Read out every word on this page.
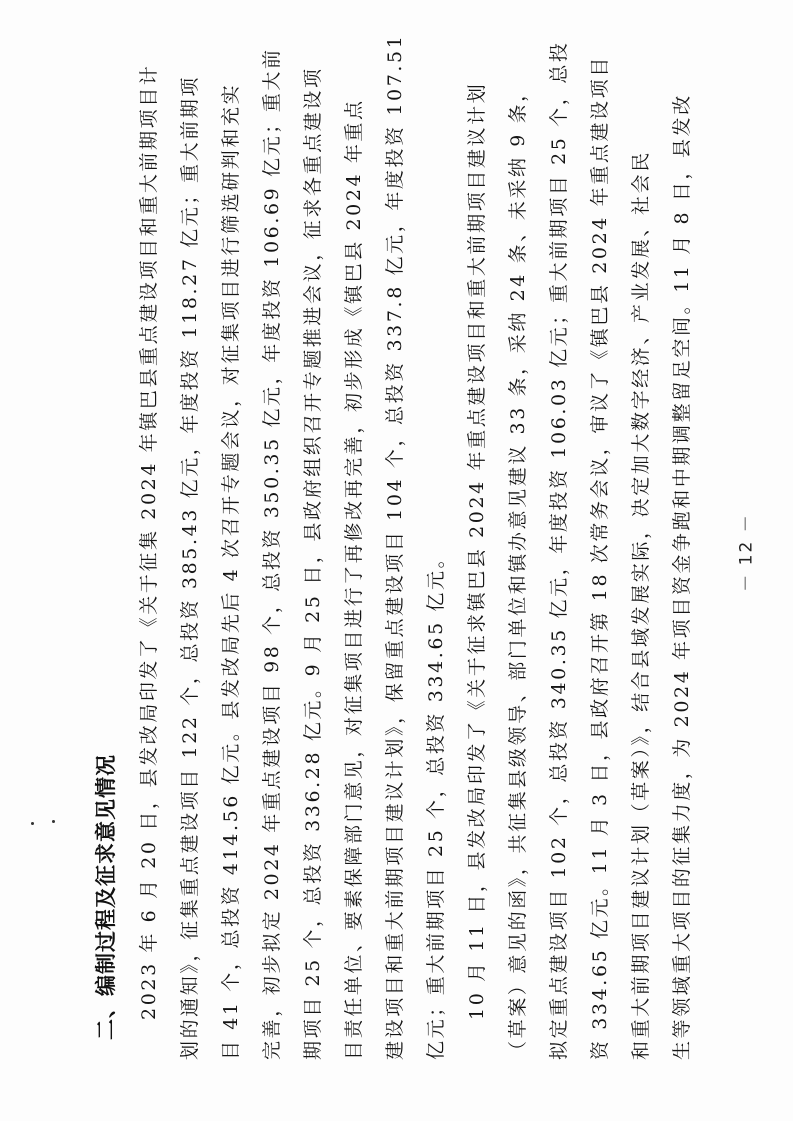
二、编制过程及征求意见情况 2023 年 6 月 20 日，县发改局印发了《关于征集 2024 年镇巴县重点建设项目和重大前期项目计 划的通知》，征集重点建设项目 122 个，总投资 385.43 亿元，年度投资 118.27 亿元；重大前期项 目 41 个，总投资 414.56 亿元。县发改局先后 4 次召开专题会议，对征集项目进行筛选研判和充实 完善，初步拟定 2024 年重点建设项目 98 个，总投资 350.35 亿元，年度投资 106.69 亿元；重大前 期项目 25 个，总投资 336.28 亿元。9 月 25 日，县政府组织召开专题推进会议，征求各重点建设项 目责任单位、要素保障部门意见，对征集项目进行了再修改再完善，初步形成《镇巴县 2024 年重点 建设项目和重大前期项目建议计划》，保留重点建设项目 104 个，总投资 337.8 亿元，年度投资 107.51 亿元；重大前期项目 25 个，总投资 334.65 亿元。 10 月 11 日，县发改局印发了《关于征求镇巴县 2024 年重点建设项目和重大前期项目建议计划 （草案）意见的函》，共征集县级领导、部门单位和镇办意见建议 33 条，采纳 24 条、未采纳 9 条， 拟定重点建设项目 102 个，总投资 340.35 亿元，年度投资 106.03 亿元；重大前期项目 25 个，总投 资 334.65 亿元。11 月 3 日，县政府召开第 18 次常务会议，审议了《镇巴县 2024 年重点建设项目 和重大前期项目建议计划（草案）》，结合县域发展实际，决定加大数字经济、产业发展、社会民 生等领域重大项目的征集力度，为 2024 年项目资金争跑和中期调整留足空间。11 月 8 日，县发改	－ 12 －
